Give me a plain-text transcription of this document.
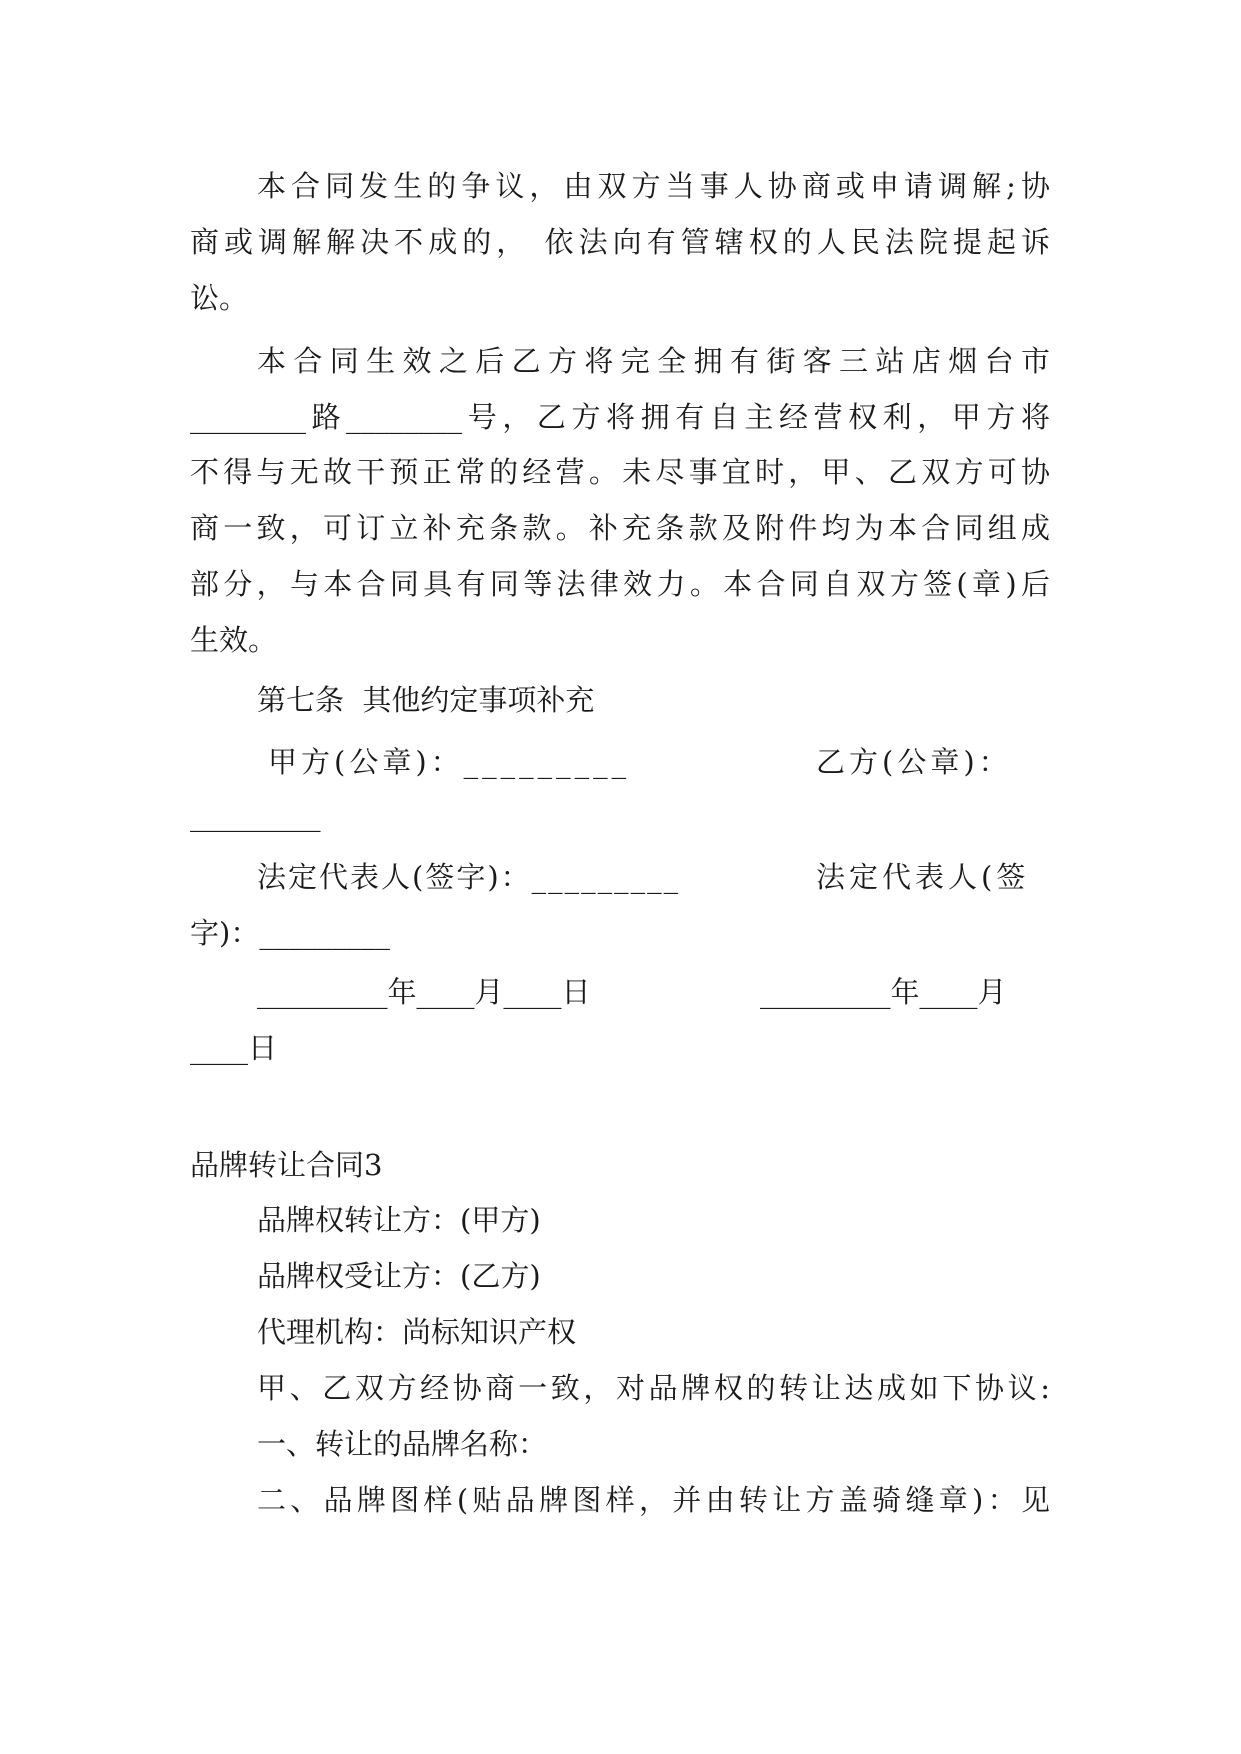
本合同发生的争议，由双方当事人协商或申请调解;协
商或调解解决不成的， 依法向有管辖权的人民法院提起诉
讼。
本合同生效之后乙方将完全拥有街客三站店烟台市
________路________号，乙方将拥有自主经营权利，甲方将
不得与无故干预正常的经营。未尽事宜时，甲、乙双方可协
商一致，可订立补充条款。补充条款及附件均为本合同组成
部分，与本合同具有同等法律效力。本合同自双方签(章)后
生效。
第七条  其他约定事项补充
甲方(公章)：_________	乙方(公章)：
_________
法定代表人(签字)：_________	法定代表人(签
字)：_________
_________年____月____日	_________年____月
____日
品牌转让合同3
品牌权转让方：(甲方)
品牌权受让方：(乙方)
代理机构：尚标知识产权
甲、乙双方经协商一致，对品牌权的转让达成如下协议:
一、转让的品牌名称：
二、品牌图样(贴品牌图样，并由转让方盖骑缝章)：见
